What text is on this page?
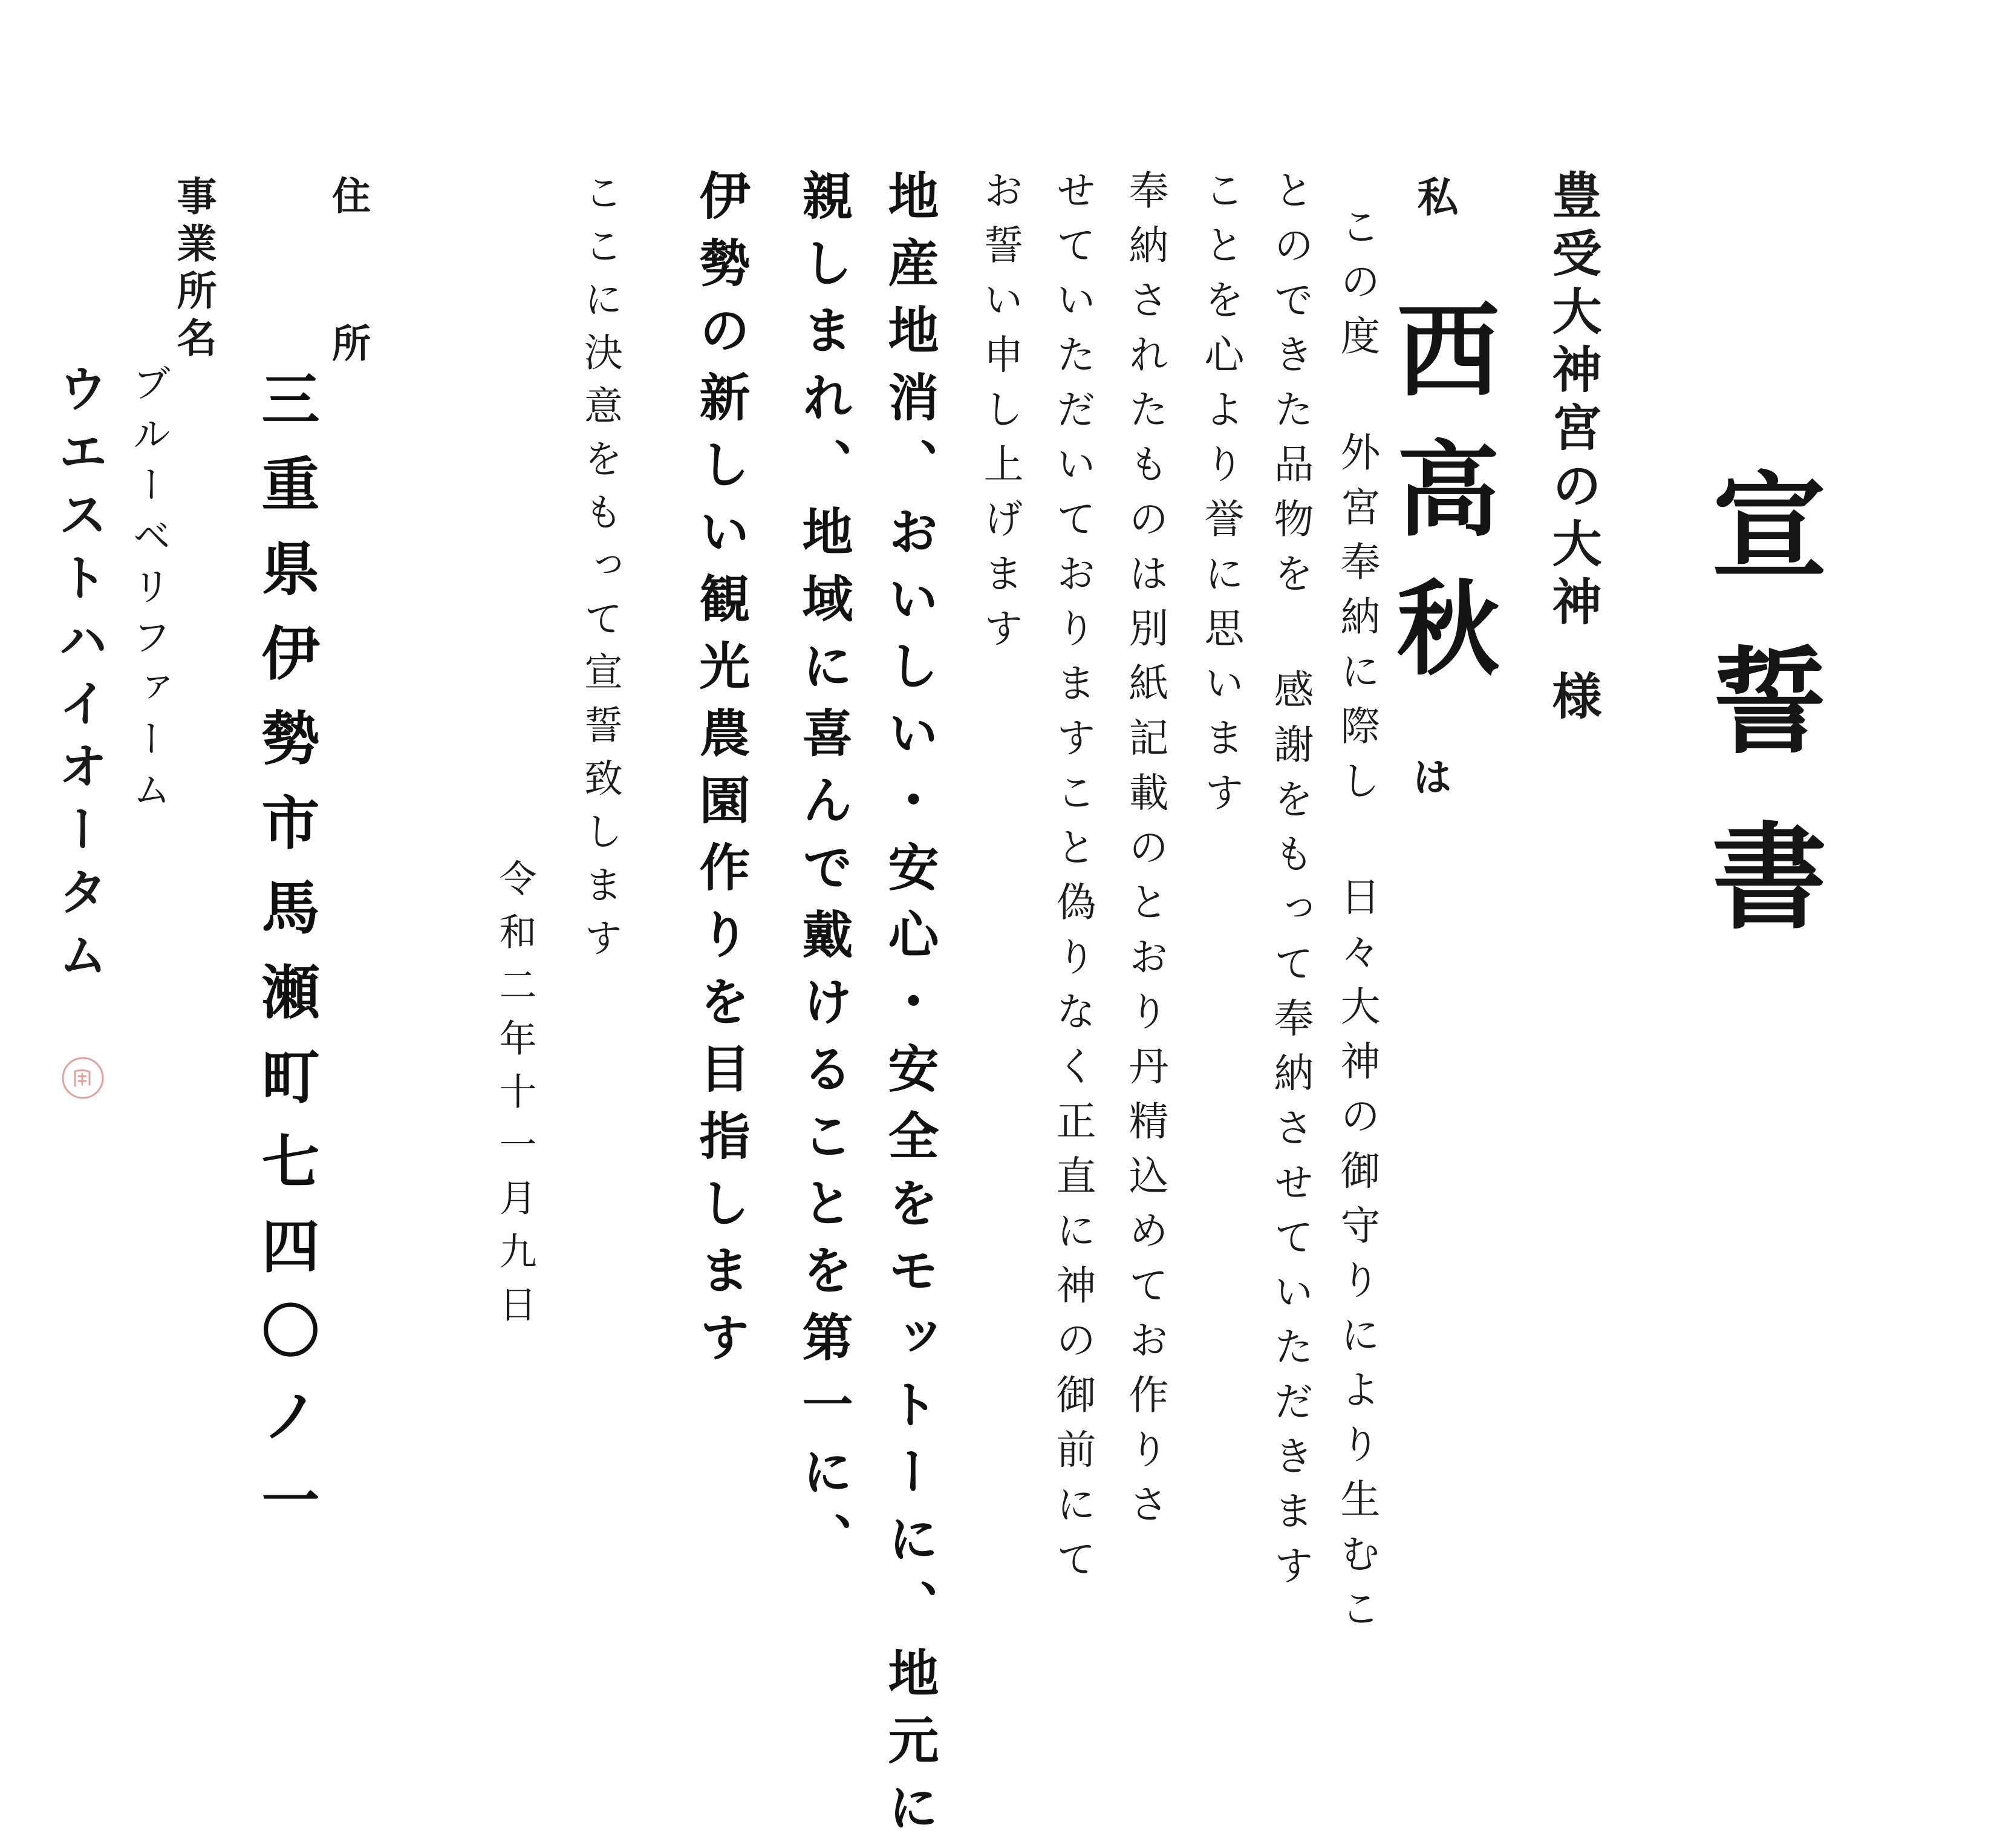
宣誓書
豊受大神宮の大神様
私
西高秋
は
この度 外宮奉納に際し 日々大神の御守りにより生むこ
とのできた品物を 感謝をもって奉納させていただきます
ことを心より誉に思います
奉納されたものは別紙記載のとおり丹精込めてお作りさ
せていただいておりますこと偽りなく正直に神の御前にて
お誓い申し上げます
地産地消、おいしい・安心・安全をモットーに、地元に
親しまれ、地域に喜んで戴けることを第一に、
伊勢の新しい観光農園作りを目指します
ここに決意をもって宣誓致します
令和二年十一月九日
住所
三重県伊勢市馬瀬町七四〇ノ一
事業所名
ブルーベリファーム
ウエストハイオータム
